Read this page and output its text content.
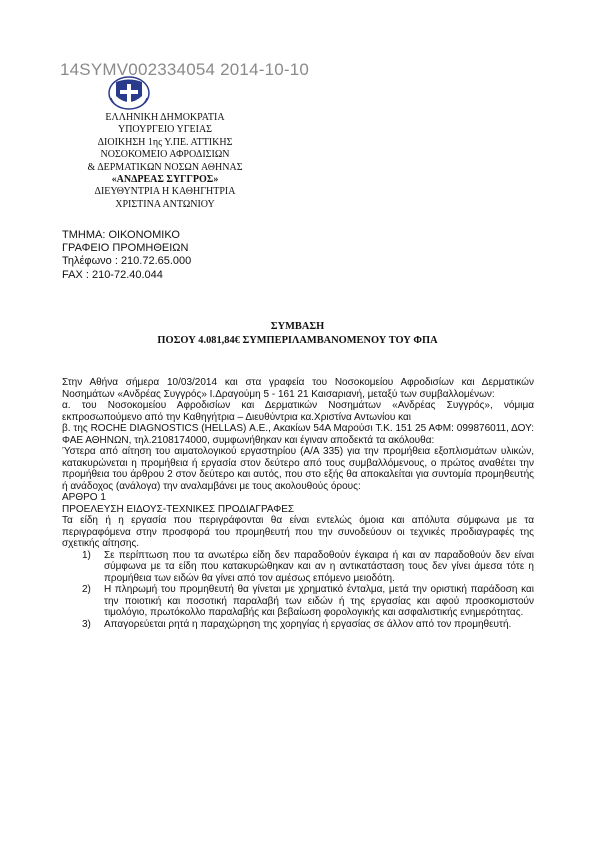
14SYMV002334054 2014-10-10
ΕΛΛΗΝΙΚΗ ΔΗΜΟΚΡΑΤΙΑ
ΥΠΟΥΡΓΕΙΟ ΥΓΕΙΑΣ
ΔΙΟΙΚΗΣΗ 1ης Υ.ΠΕ. ΑΤΤΙΚΗΣ
ΝΟΣΟΚΟΜΕΙΟ ΑΦΡΟΔΙΣΙΩΝ
& ΔΕΡΜΑΤΙΚΩΝ ΝΟΣΩΝ ΑΘΗΝΑΣ
«ΑΝΔΡΕΑΣ ΣΥΓΓΡΟΣ»
ΔΙΕΥΘΥΝΤΡΙΑ Η ΚΑΘΗΓΗΤΡΙΑ
ΧΡΙΣΤΙΝΑ ΑΝΤΩΝΙΟΥ
ΤΜΗΜΑ: ΟΙΚΟΝΟΜΙΚΟ
ΓΡΑΦΕΙΟ ΠΡΟΜΗΘΕΙΩΝ
Τηλέφωνο : 210.72.65.000
FAX : 210-72.40.044
ΣΥΜΒΑΣΗ
ΠΟΣΟΥ 4.081,84€ ΣΥΜΠΕΡΙΛΑΜΒΑΝΟΜΕΝΟΥ ΤΟΥ ΦΠΑ

Στην Αθήνα σήμερα 10/03/2014 και στα γραφεία του Νοσοκομείου Αφροδισίων και Δερματικών Νοσημάτων «Ανδρέας Συγγρός» Ι.Δραγούμη 5 - 161 21 Καισαριανή, μεταξύ των συμβαλλομένων:

α. του Νοσοκομείου Αφροδισίων και Δερματικών Νοσημάτων «Ανδρέας Συγγρός», νόμιμα εκπροσωπούμενο από την Καθηγήτρια – Διευθύντρια κα.Χριστίνα Αντωνίου και

β. της ROCHE DIAGNOSTICS (HELLAS) Α.Ε., Ακακίων 54Α Μαρούσι Τ.Κ. 151 25 ΑΦΜ: 099876011, ΔΟΥ: ΦΑΕ ΑΘΗΝΩΝ, τηλ.2108174000, συμφωνήθηκαν και έγιναν αποδεκτά τα ακόλουθα:

Ύστερα από αίτηση του αιματολογικού εργαστηρίου (Α/Α 335) για την προμήθεια εξοπλισμάτων υλικών, κατακυρώνεται η προμήθεια ή εργασία στον δεύτερο από τους συμβαλλόμενους, ο πρώτος αναθέτει την προμήθεια του άρθρου 2 στον δεύτερο και αυτός, που στο εξής θα αποκαλείται για συντομία προμηθευτής ή ανάδοχος (ανάλογα) την αναλαμβάνει με τους ακολουθούς όρους:

ΑΡΘΡΟ 1

ΠΡΟΕΛΕΥΣΗ ΕΙΔΟΥΣ-ΤΕΧΝΙΚΕΣ ΠΡΟΔΙΑΓΡΑΦΕΣ

Τα είδη ή η εργασία που περιγράφονται θα είναι εντελώς όμοια και απόλυτα σύμφωνα με τα περιγραφόμενα στην προσφορά του προμηθευτή που την συνοδεύουν οι τεχνικές προδιαγραφές της σχετικής αίτησης.

1)	Σε περίπτωση που τα ανωτέρω είδη δεν παραδοθούν έγκαιρα ή και αν παραδοθούν δεν είναι σύμφωνα με τα είδη που κατακυρώθηκαν και αν η αντικατάσταση τους δεν γίνει άμεσα τότε η προμήθεια των ειδών θα γίνει από τον αμέσως επόμενο μειοδότη.
2)	Η πληρωμή του προμηθευτή θα γίνεται με χρηματικό ένταλμα, μετά την οριστική παράδοση και την ποιοτική και ποσοτική παραλαβή των ειδών ή της εργασίας και αφού προσκομιστούν τιμολόγιο, πρωτόκολλο παραλαβής και βεβαίωση φορολογικής και ασφαλιστικής ενημερότητας.
3)	Απαγορεύεται ρητά η παραχώρηση της χορηγίας ή εργασίας σε άλλον από τον προμηθευτή.
